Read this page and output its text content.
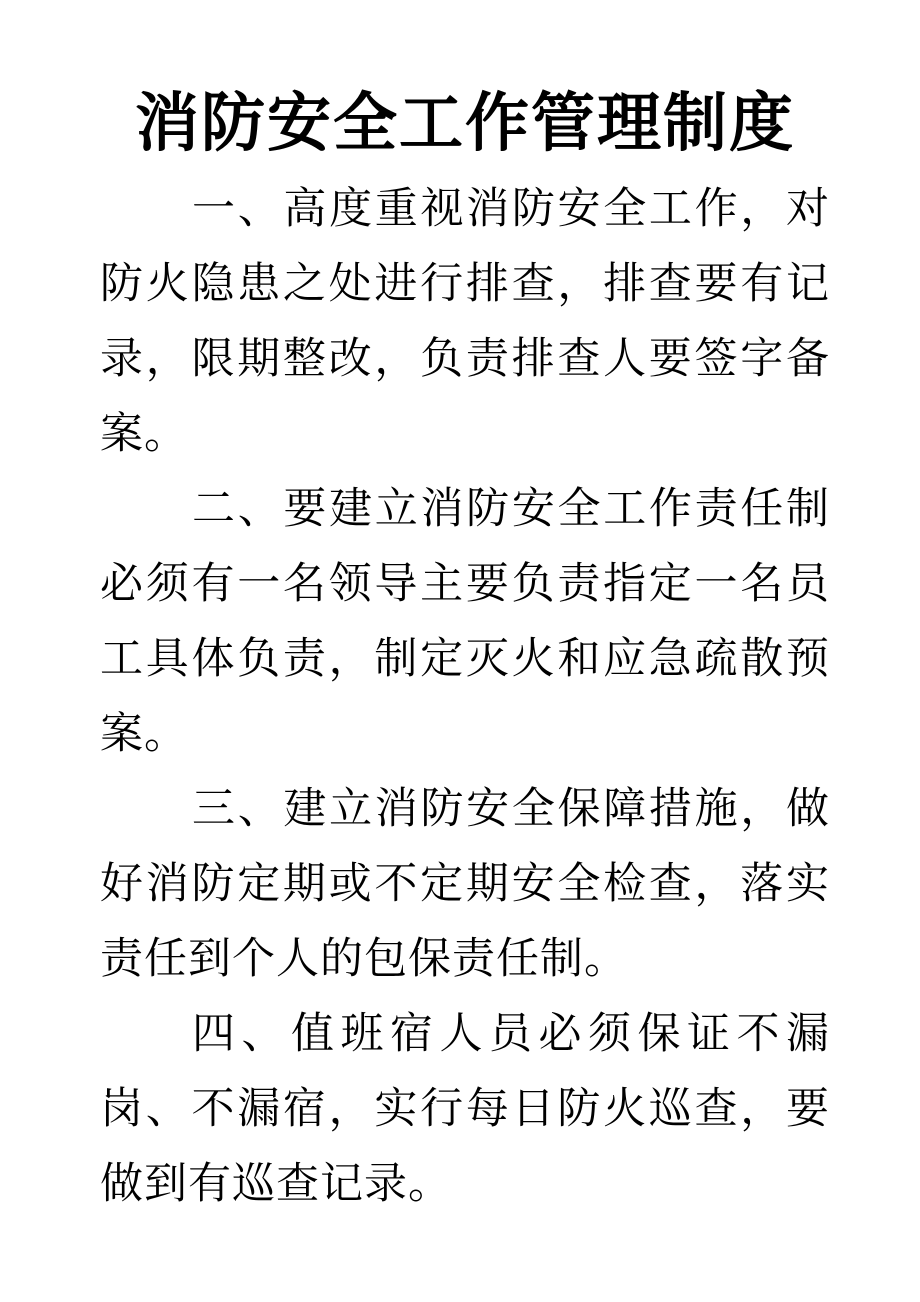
消防安全工作管理制度

一、高度重视消防安全工作，对防火隐患之处进行排查，排查要有记录，限期整改，负责排查人要签字备案。

二、要建立消防安全工作责任制必须有一名领导主要负责指定一名员工具体负责，制定灭火和应急疏散预案。

三、建立消防安全保障措施，做好消防定期或不定期安全检查，落实责任到个人的包保责任制。

四、值班宿人员必须保证不漏岗、不漏宿，实行每日防火巡查，要做到有巡查记录。
